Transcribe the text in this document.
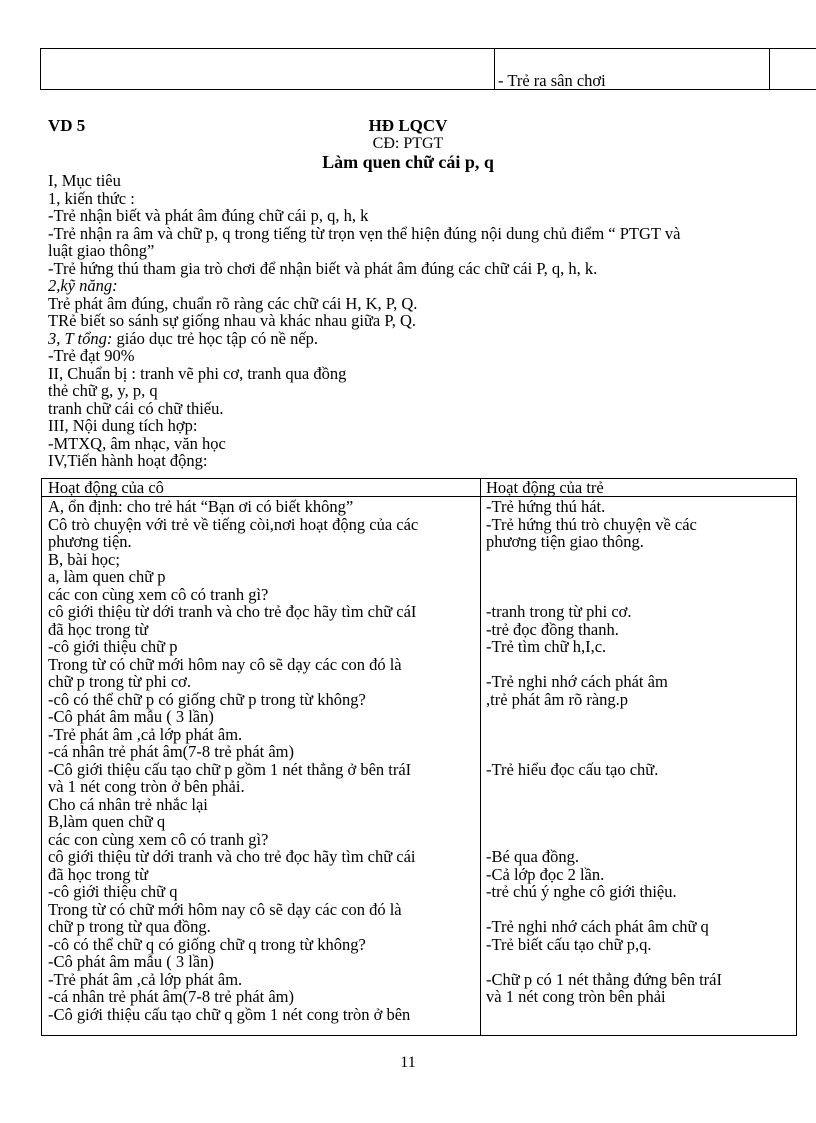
- Trẻ ra sân chơi
VD 5	HĐ LQCV
CĐ: PTGT
Làm quen chữ cái p, q
I, Mục tiêu
1, kiến thức :
-Trẻ nhận biết và phát âm đúng chữ cái p, q, h, k
-Trẻ nhận ra âm và chữ p, q trong tiếng từ trọn vẹn thể hiện đúng nội dung chủ điểm “ PTGT và
luật giao thông”
-Trẻ hứng thú tham gia trò chơi để nhận biết và phát âm đúng các chữ cái P, q, h, k.
2,kỹ năng:
Trẻ phát âm đúng, chuẩn rõ ràng các chữ cái H, K, P, Q.
TRẻ biết so sánh sự giống nhau và khác nhau giữa P, Q.
3, T tổng: giáo dục trẻ học tập có nề nếp.
-Trẻ đạt 90%
II, Chuẩn bị : tranh vẽ phi cơ, tranh qua đồng
thẻ chữ g, y, p, q
tranh chữ cái có chữ thiếu.
III, Nội dung tích hợp:
-MTXQ, âm nhạc, văn học
IV,Tiến hành hoạt động:
Hoạt động của cô	Hoạt động của trẻ
A, ổn định: cho trẻ hát “Bạn ơi có biết không”
Cô trò chuyện với trẻ về tiếng còi,nơi hoạt động của các
phương tiện.
B, bài học;
a, làm quen chữ p
các con cùng xem cô có tranh gì?
cô giới thiệu từ dới tranh và cho trẻ đọc hãy tìm chữ cáI
đã học trong từ
-cô giới thiệu chữ p
Trong từ có chữ mới hôm nay cô sẽ dạy các con đó là
chữ p trong từ phi cơ.
-cô có thể chữ p có giống chữ p trong từ không?
-Cô phát âm mẫu ( 3 lần)
-Trẻ phát âm ,cả lớp phát âm.
-cá nhân trẻ phát âm(7-8 trẻ phát âm)
-Cô giới thiệu cấu tạo chữ p gồm 1 nét thẳng ở bên tráI
và 1 nét cong tròn ở bên phải.
Cho cá nhân trẻ nhắc lại
B,làm quen chữ q
các con cùng xem cô có tranh gì?
cô giới thiệu từ dới tranh và cho trẻ đọc hãy tìm chữ cái
đã học trong từ
-cô giới thiệu chữ q
Trong từ có chữ mới hôm nay cô sẽ dạy các con đó là
chữ p trong từ qua đồng.
-cô có thể chữ q có giống chữ q trong từ không?
-Cô phát âm mẫu ( 3 lần)
-Trẻ phát âm ,cả lớp phát âm.
-cá nhân trẻ phát âm(7-8 trẻ phát âm)
-Cô giới thiệu cấu tạo chữ q gồm 1 nét cong tròn ở bên
-Trẻ hứng thú hát.
-Trẻ hứng thú trò chuyện về các
phương tiện giao thông.
-tranh trong từ phi cơ.
-trẻ đọc đồng thanh.
-Trẻ tìm chữ h,I,c.
-Trẻ nghi nhớ cách phát âm
,trẻ phát âm rõ ràng.p
-Trẻ hiểu đọc cấu tạo chữ.
-Bé qua đồng.
-Cả lớp đọc 2 lần.
-trẻ chú ý nghe cô giới thiệu.
-Trẻ nghi nhớ cách phát âm chữ q
-Trẻ biết cấu tạo chữ p,q.
-Chữ p có 1 nét thẳng đứng bên tráI
và 1 nét cong tròn bên phải
11
